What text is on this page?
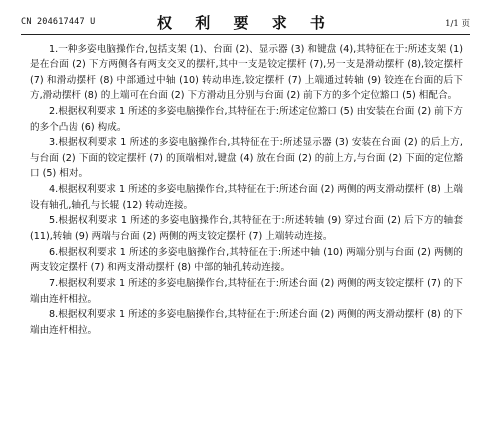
CN 204617447 U	权 利 要 求 书	1/1 页

1.一种多姿电脑操作台,包括支架 (1)、台面 (2)、显示器 (3) 和键盘 (4),其特征在于:所述支架 (1) 是在台面 (2) 下方两侧各有两支交叉的摆杆,其中一支是铰定摆杆 (7),另一支是滑动摆杆 (8),铰定摆杆 (7) 和滑动摆杆 (8) 中部通过中轴 (10) 转动串连,铰定摆杆 (7) 上端通过转轴 (9) 铰连在台面的后下方,滑动摆杆 (8) 的上端可在台面 (2) 下方滑动且分别与台面 (2) 前下方的多个定位豁口 (5) 相配合。

2.根据权利要求 1 所述的多姿电脑操作台,其特征在于:所述定位豁口 (5) 由安装在台面 (2) 前下方的多个凸齿 (6) 构成。

3.根据权利要求 1 所述的多姿电脑操作台,其特征在于:所述显示器 (3) 安装在台面 (2) 的后上方,与台面 (2) 下面的铰定摆杆 (7) 的顶端相对,键盘 (4) 放在台面 (2) 的前上方,与台面 (2) 下面的定位豁口 (5) 相对。

4.根据权利要求 1 所述的多姿电脑操作台,其特征在于:所述台面 (2) 两侧的两支滑动摆杆 (8) 上端设有轴孔,轴孔与长辊 (12) 转动连接。

5.根据权利要求 1 所述的多姿电脑操作台,其特征在于:所述转轴 (9) 穿过台面 (2) 后下方的轴套 (11),转轴 (9) 两端与台面 (2) 两侧的两支铰定摆杆 (7) 上端转动连接。

6.根据权利要求 1 所述的多姿电脑操作台,其特征在于:所述中轴 (10) 两端分别与台面 (2) 两侧的两支铰定摆杆 (7) 和两支滑动摆杆 (8) 中部的轴孔转动连接。

7.根据权利要求 1 所述的多姿电脑操作台,其特征在于:所述台面 (2) 两侧的两支铰定摆杆 (7) 的下端由连杆相拉。

8.根据权利要求 1 所述的多姿电脑操作台,其特征在于:所述台面 (2) 两侧的两支滑动摆杆 (8) 的下端由连杆相拉。
